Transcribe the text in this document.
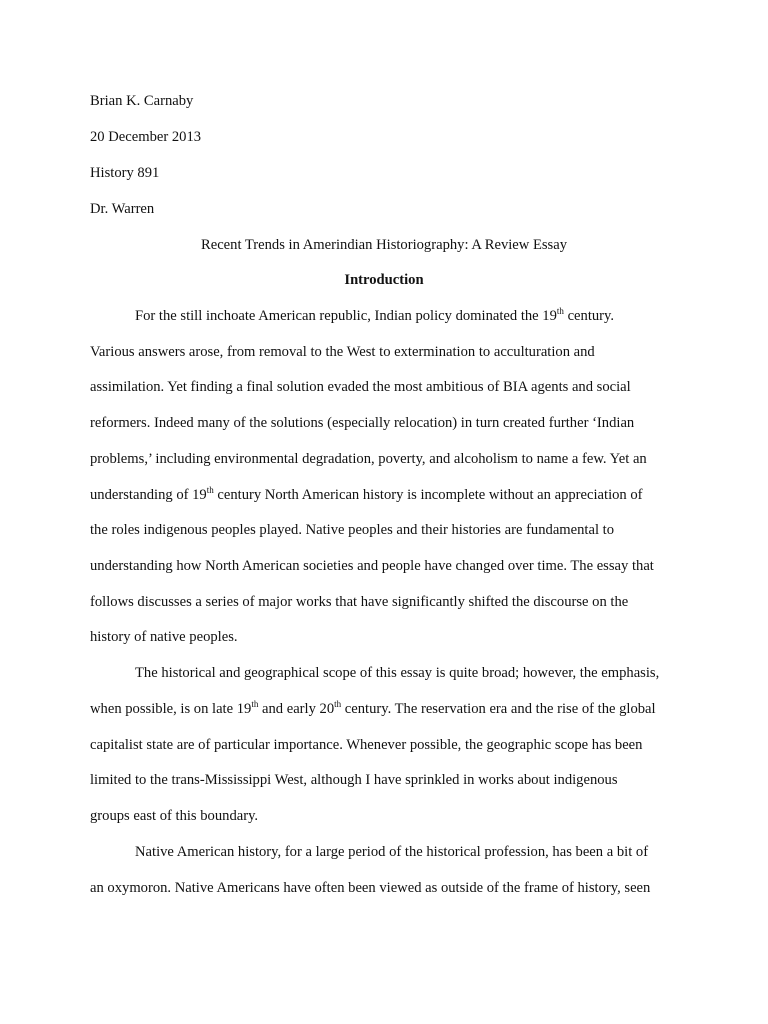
Brian K. Carnaby
20 December 2013
History 891
Dr. Warren
Recent Trends in Amerindian Historiography: A Review Essay
Introduction
For the still inchoate American republic, Indian policy dominated the 19th century.
Various answers arose, from removal to the West to extermination to acculturation and
assimilation. Yet finding a final solution evaded the most ambitious of BIA agents and social
reformers. Indeed many of the solutions (especially relocation) in turn created further ‘Indian
problems,’ including environmental degradation, poverty, and alcoholism to name a few. Yet an
understanding of 19th century North American history is incomplete without an appreciation of
the roles indigenous peoples played. Native peoples and their histories are fundamental to
understanding how North American societies and people have changed over time. The essay that
follows discusses a series of major works that have significantly shifted the discourse on the
history of native peoples.
The historical and geographical scope of this essay is quite broad; however, the emphasis,
when possible, is on late 19th and early 20th century. The reservation era and the rise of the global
capitalist state are of particular importance. Whenever possible, the geographic scope has been
limited to the trans-Mississippi West, although I have sprinkled in works about indigenous
groups east of this boundary.
Native American history, for a large period of the historical profession, has been a bit of
an oxymoron. Native Americans have often been viewed as outside of the frame of history, seen
